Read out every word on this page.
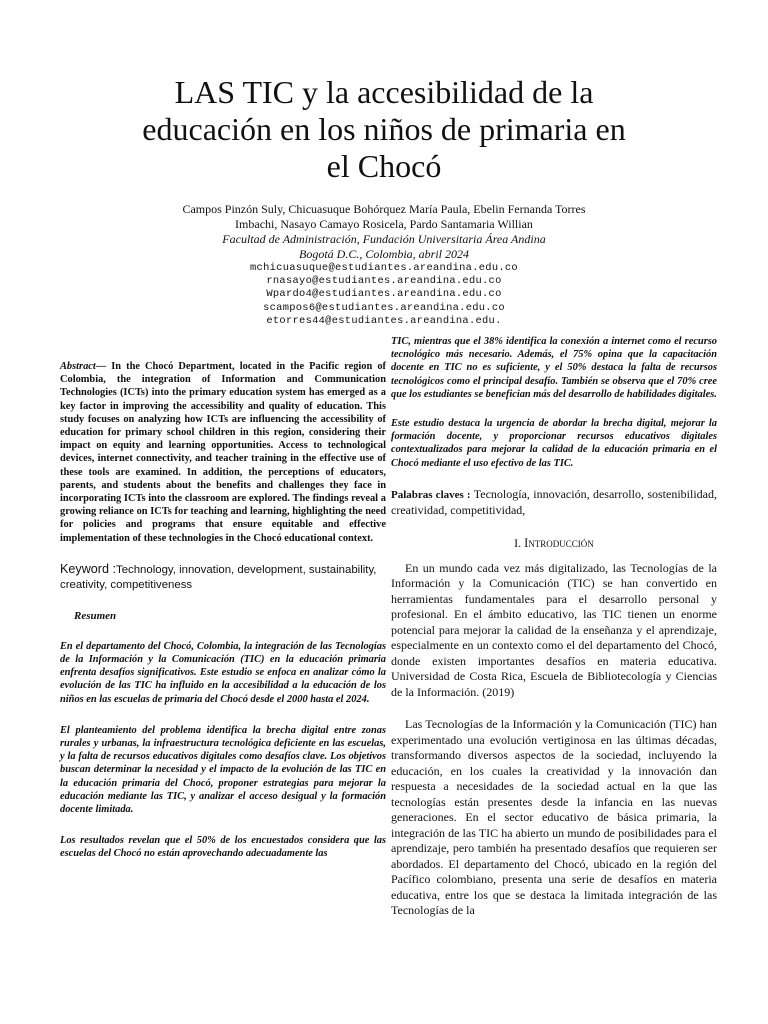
LAS TIC y la accesibilidad de la educación en los niños de primaria en el Chocó
Campos Pinzón Suly, Chicuasuque Bohórquez María Paula, Ebelin Fernanda Torres
Imbachi, Nasayo Camayo Rosicela, Pardo Santamaria Willian
Facultad de Administración, Fundación Universitaria Área Andina
Bogotá D.C., Colombia, abril 2024
mchicuasuque@estudiantes.areandina.edu.co
rnasayo@estudiantes.areandina.edu.co
Wpardo4@estudiantes.areandina.edu.co
scampos6@estudiantes.areandina.edu.co
etorres44@estudiantes.areandina.edu.

Abstract— In the Chocó Department, located in the Pacific region of Colombia, the integration of Information and Communication Technologies (ICTs) into the primary education system has emerged as a key factor in improving the accessibility and quality of education. This study focuses on analyzing how ICTs are influencing the accessibility of education for primary school children in this region, considering their impact on equity and learning opportunities. Access to technological devices, internet connectivity, and teacher training in the effective use of these tools are examined. In addition, the perceptions of educators, parents, and students about the benefits and challenges they face in incorporating ICTs into the classroom are explored. The findings reveal a growing reliance on ICTs for teaching and learning, highlighting the need for policies and programs that ensure equitable and effective implementation of these technologies in the Chocó educational context.

Keyword :Technology, innovation, development, sustainability, creativity, competitiveness

Resumen

En el departamento del Chocó, Colombia, la integración de las Tecnologías de la Información y la Comunicación (TIC) en la educación primaria enfrenta desafíos significativos. Este estudio se enfoca en analizar cómo la evolución de las TIC ha influido en la accesibilidad a la educación de los niños en las escuelas de primaria del Chocó desde el 2000 hasta el 2024.

El planteamiento del problema identifica la brecha digital entre zonas rurales y urbanas, la infraestructura tecnológica deficiente en las escuelas, y la falta de recursos educativos digitales como desafíos clave. Los objetivos buscan determinar la necesidad y el impacto de la evolución de las TIC en la educación primaria del Chocó, proponer estrategias para mejorar la educación mediante las TIC, y analizar el acceso desigual y la formación docente limitada.

Los resultados revelan que el 50% de los encuestados considera que las escuelas del Chocó no están aprovechando adecuadamente las

TIC, mientras que el 38% identifica la conexión a internet como el recurso tecnológico más necesario. Además, el 75% opina que la capacitación docente en TIC no es suficiente, y el 50% destaca la falta de recursos tecnológicos como el principal desafío. También se observa que el 70% cree que los estudiantes se benefician más del desarrollo de habilidades digitales.

Este estudio destaca la urgencia de abordar la brecha digital, mejorar la formación docente, y proporcionar recursos educativos digitales contextualizados para mejorar la calidad de la educación primaria en el Chocó mediante el uso efectivo de las TIC.

Palabras claves : Tecnología, innovación, desarrollo, sostenibilidad, creatividad, competitividad,

I. Introducción

En un mundo cada vez más digitalizado, las Tecnologías de la Información y la Comunicación (TIC) se han convertido en herramientas fundamentales para el desarrollo personal y profesional. En el ámbito educativo, las TIC tienen un enorme potencial para mejorar la calidad de la enseñanza y el aprendizaje, especialmente en un contexto como el del departamento del Chocó, donde existen importantes desafíos en materia educativa. Universidad de Costa Rica, Escuela de Bibliotecología y Ciencias de la Información. (2019)

Las Tecnologías de la Información y la Comunicación (TIC) han experimentado una evolución vertiginosa en las últimas décadas, transformando diversos aspectos de la sociedad, incluyendo la educación, en los cuales la creatividad y la innovación dan respuesta a necesidades de la sociedad actual en la que las tecnologías están presentes desde la infancia en las nuevas generaciones. En el sector educativo de básica primaria, la integración de las TIC ha abierto un mundo de posibilidades para el aprendizaje, pero también ha presentado desafíos que requieren ser abordados. El departamento del Chocó, ubicado en la región del Pacífico colombiano, presenta una serie de desafíos en materia educativa, entre los que se destaca la limitada integración de las Tecnologías de la
